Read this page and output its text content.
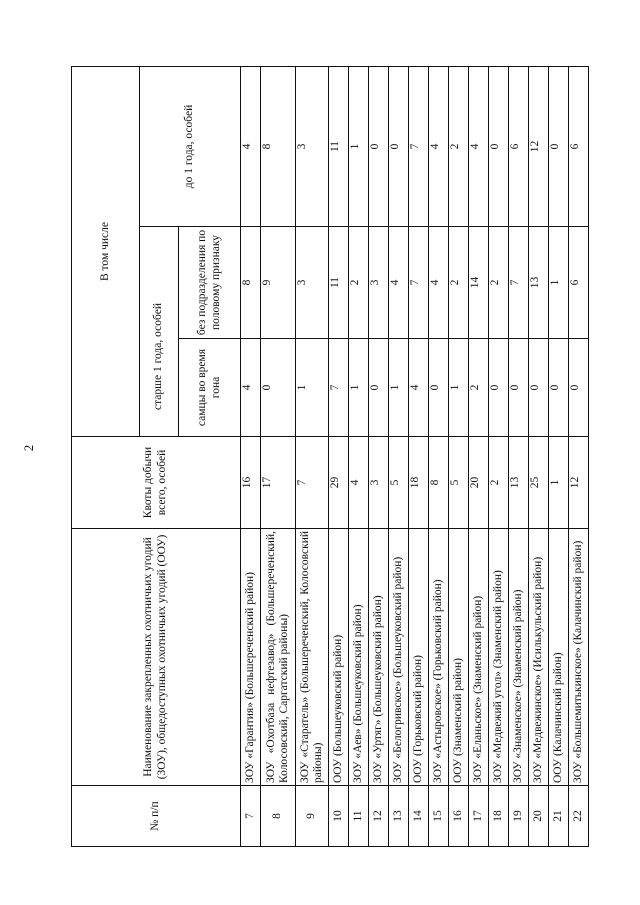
2
№ п/п	Наименование закрепленных охотничьих угодий (ЗОУ), общедоступных охотничьих угодий (ООУ)	Квоты добычи всего, особей	В том числе		
			старше 1 года, особей		до 1 года, особей
			самцы во время гона	без подразделения по половому признаку	
7	ЗОУ «Гарантия» (Большереченский район)	16	4	8	4
8	ЗОУ «Охотбаза нефтезавод» (Большереченский, Колосовский, Саргатский районы)	17	0	9	8
9	ЗОУ «Старатель» (Большереченский, Колосовский районы)	7	1	3	3
10	ООУ (Большеуковский район)	29	7	11	11
11	ЗОУ «Аев» (Большеуковский район)	4	1	2	1
12	ЗОУ «Уртяг» (Большеуковский район)	3	0	3	0
13	ЗОУ «Белогривское» (Большеуковский район)	5	1	4	0
14	ООУ (Горьковский район)	18	4	7	7
15	ЗОУ «Астыровское» (Горьковский район)	8	0	4	4
16	ООУ (Знаменский район)	5	1	2	2
17	ЗОУ «Еланьское» (Знаменский район)	20	2	14	4
18	ЗОУ «Медвежий угол» (Знаменский район)	2	0	2	0
19	ЗОУ «Знаменское» (Знаменский район)	13	0	7	6
20	ЗОУ «Медвежинское» (Исилькульский район)	25	0	13	12
21	ООУ (Калачинский район)	1	0	1	0
22	ЗОУ «Большемитькинское» (Калачинский район)	12	0	6	6
